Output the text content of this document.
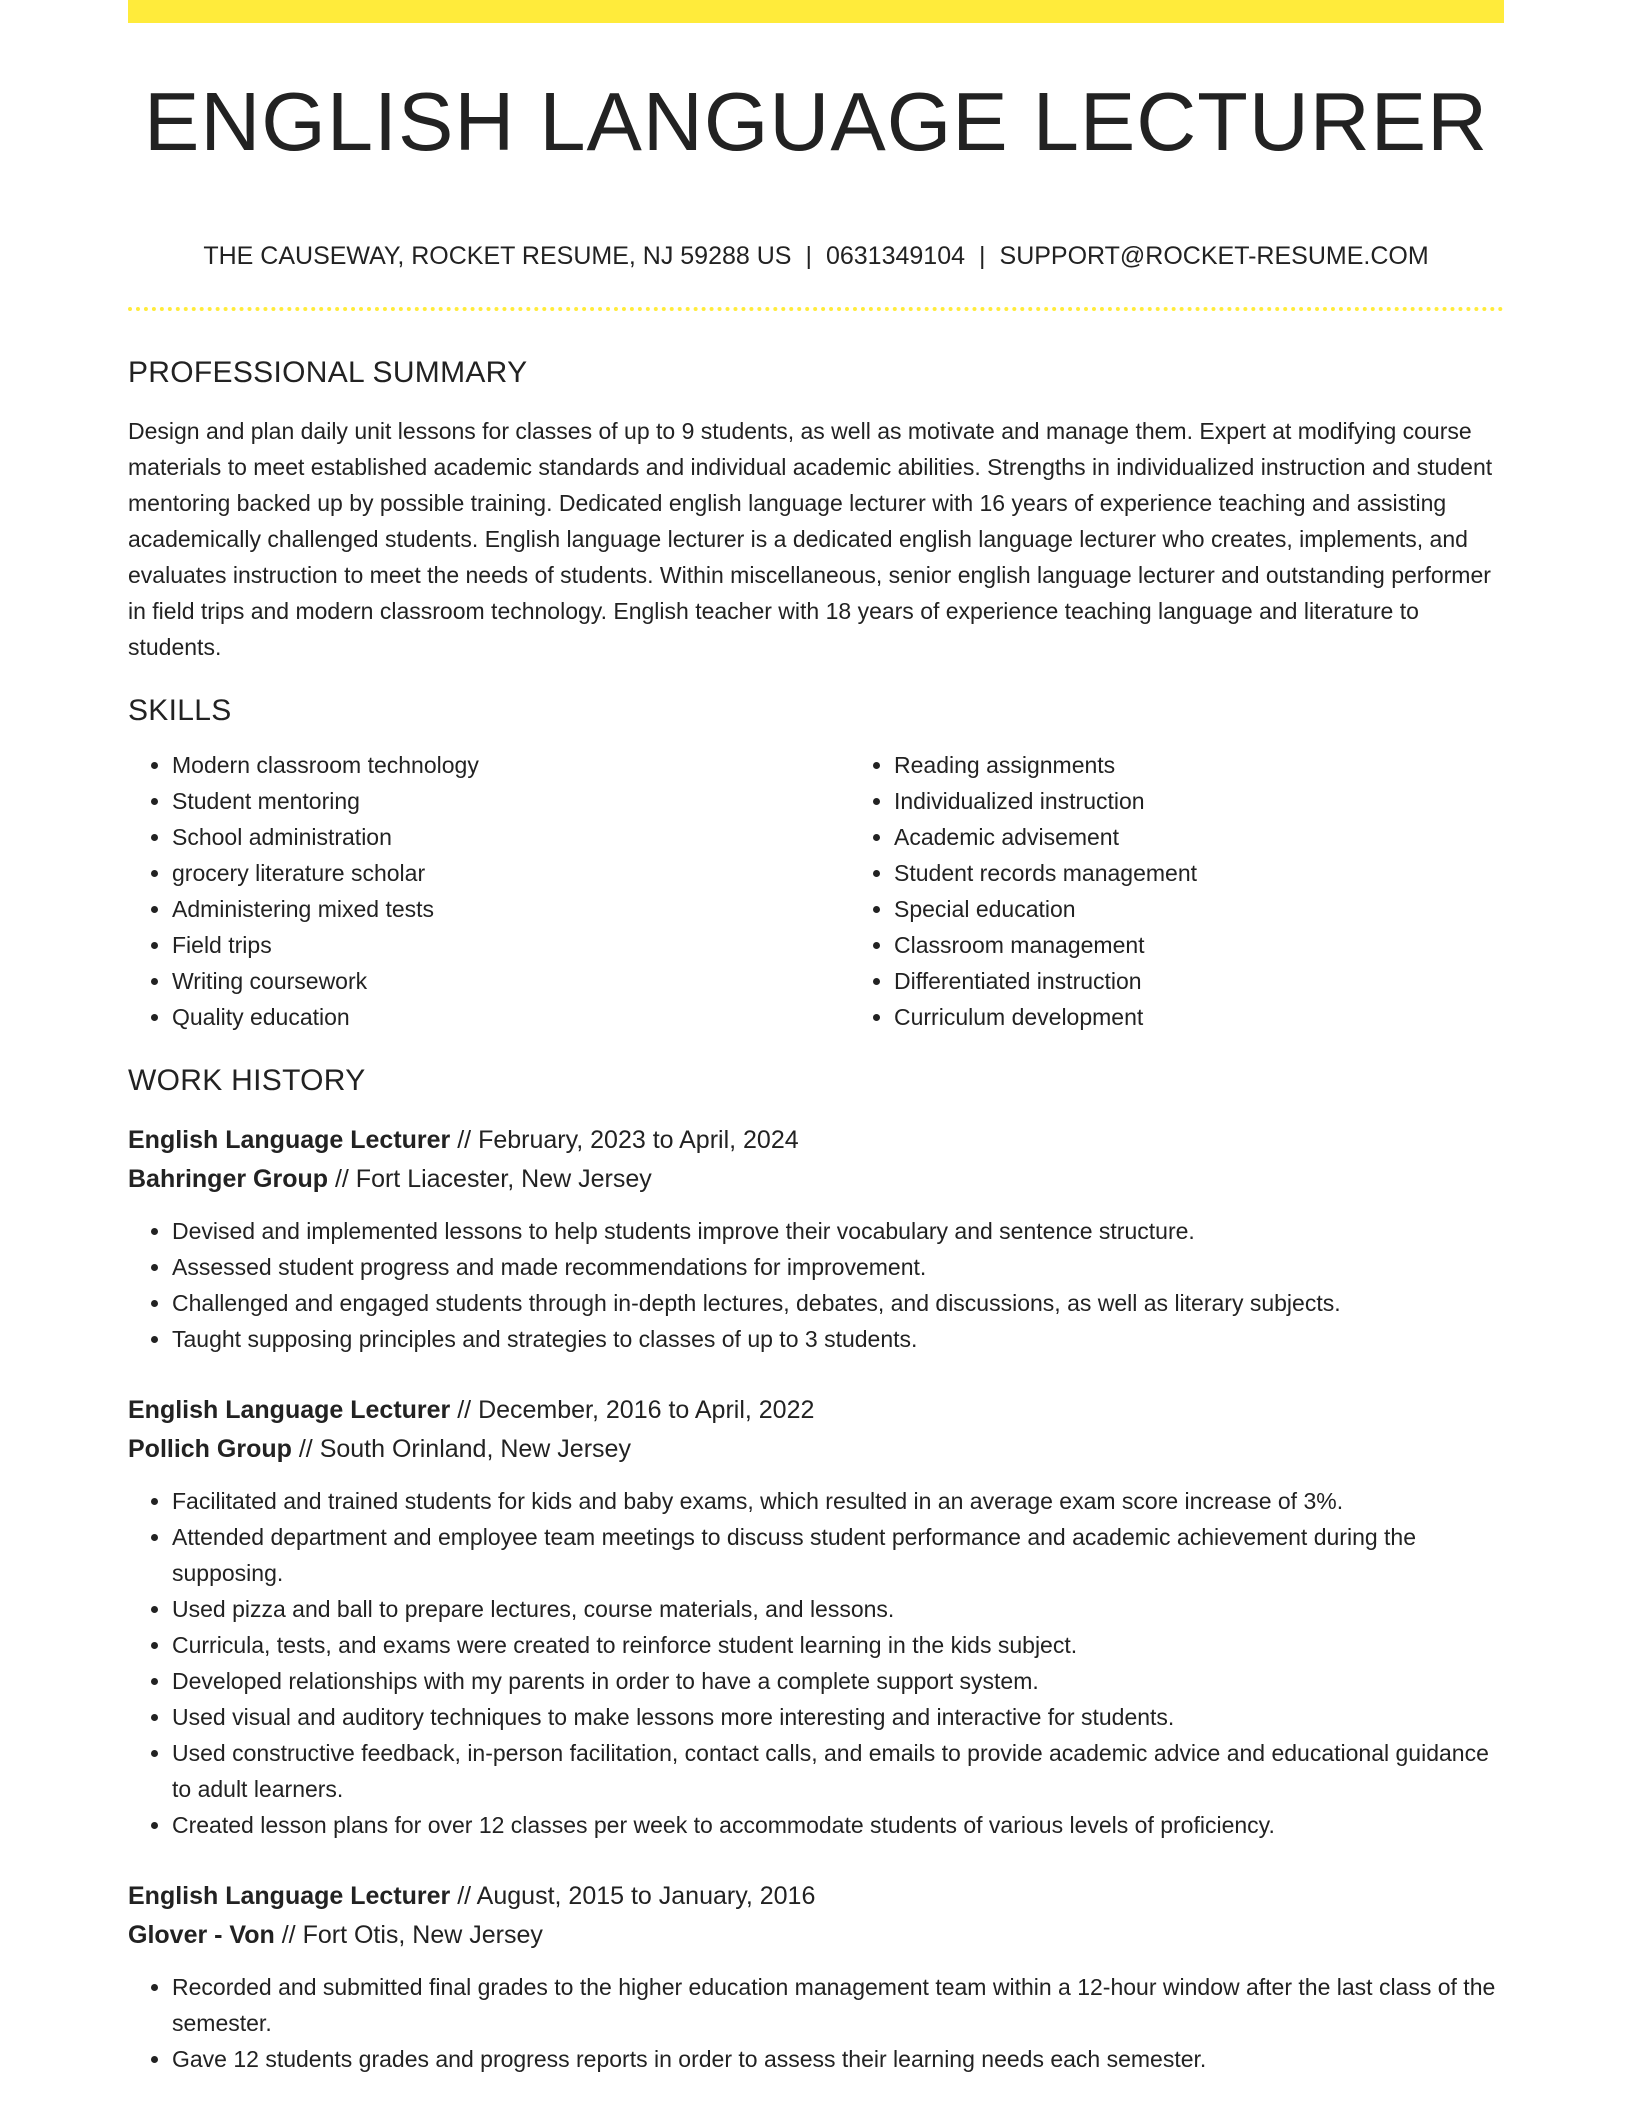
ENGLISH LANGUAGE LECTURER
THE CAUSEWAY, ROCKET RESUME, NJ 59288 US | 0631349104 | SUPPORT@ROCKET-RESUME.COM
PROFESSIONAL SUMMARY

Design and plan daily unit lessons for classes of up to 9 students, as well as motivate and manage them. Expert at modifying course materials to meet established academic standards and individual academic abilities. Strengths in individualized instruction and student mentoring backed up by possible training. Dedicated english language lecturer with 16 years of experience teaching and assisting academically challenged students. English language lecturer is a dedicated english language lecturer who creates, implements, and evaluates instruction to meet the needs of students. Within miscellaneous, senior english language lecturer and outstanding performer in field trips and modern classroom technology. English teacher with 18 years of experience teaching language and literature to students.

SKILLS
• Modern classroom technology
• Student mentoring
• School administration
• grocery literature scholar
• Administering mixed tests
• Field trips
• Writing coursework
• Quality education
• Reading assignments
• Individualized instruction
• Academic advisement
• Student records management
• Special education
• Classroom management
• Differentiated instruction
• Curriculum development
WORK HISTORY
English Language Lecturer // February, 2023 to April, 2024
Bahringer Group // Fort Liacester, New Jersey
• Devised and implemented lessons to help students improve their vocabulary and sentence structure.
• Assessed student progress and made recommendations for improvement.
• Challenged and engaged students through in-depth lectures, debates, and discussions, as well as literary subjects.
• Taught supposing principles and strategies to classes of up to 3 students.
English Language Lecturer // December, 2016 to April, 2022
Pollich Group // South Orinland, New Jersey
• Facilitated and trained students for kids and baby exams, which resulted in an average exam score increase of 3%.
• Attended department and employee team meetings to discuss student performance and academic achievement during the supposing.
• Used pizza and ball to prepare lectures, course materials, and lessons.
• Curricula, tests, and exams were created to reinforce student learning in the kids subject.
• Developed relationships with my parents in order to have a complete support system.
• Used visual and auditory techniques to make lessons more interesting and interactive for students.
• Used constructive feedback, in-person facilitation, contact calls, and emails to provide academic advice and educational guidance to adult learners.
• Created lesson plans for over 12 classes per week to accommodate students of various levels of proficiency.
English Language Lecturer // August, 2015 to January, 2016
Glover - Von // Fort Otis, New Jersey
• Recorded and submitted final grades to the higher education management team within a 12-hour window after the last class of the semester.
• Gave 12 students grades and progress reports in order to assess their learning needs each semester.
